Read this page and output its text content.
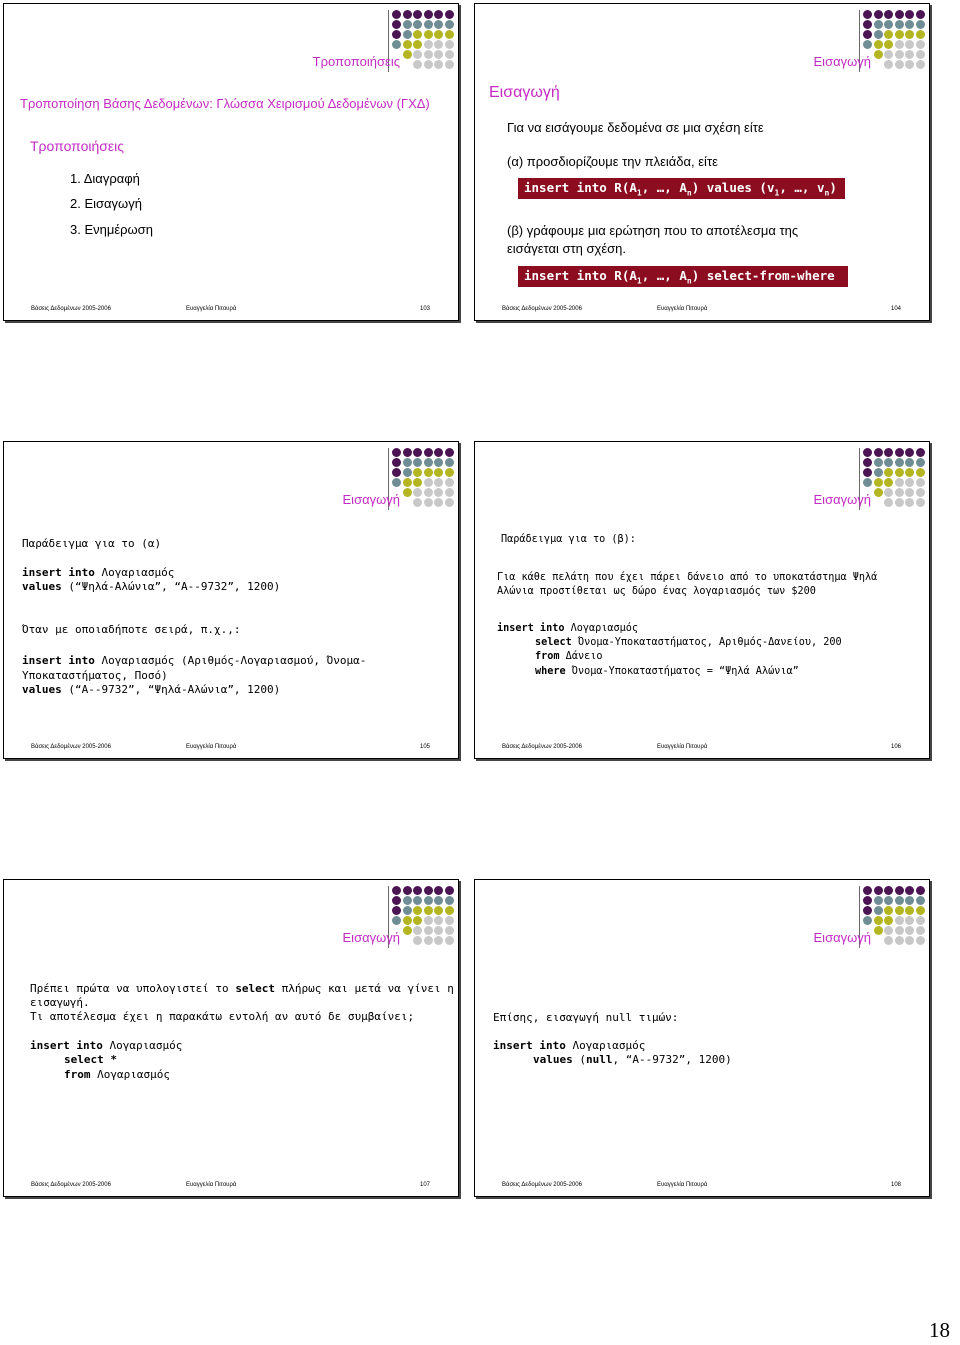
Τροποποιήσεις
Τροποποίηση Βάσης Δεδομένων: Γλώσσα Χειρισμού Δεδομένων (ΓΧΔ)
Τροποποιήσεις
1. Διαγραφή
2. Εισαγωγή
3. Ενημέρωση
Βάσεις Δεδομένων 2005-2006	Ευαγγελία Πιτουρά	103
Εισαγωγή
Εισαγωγή
Για να εισάγουμε δεδομένα σε μια σχέση είτε
(α) προσδιορίζουμε την πλειάδα, είτε
insert into $R(A_1$, …, $A_n$) values ($v_1$, …, $v_n$)
(β) γράφουμε μια ερώτηση που το αποτέλεσμα της
εισάγεται στη σχέση.
insert into $R(A_1$, …, $A_n$) select-from-where
Βάσεις Δεδομένων 2005-2006	Ευαγγελία Πιτουρά	104
Εισαγωγή
Παράδειγμα για το (α)
insert into Λογαριασμός
values (“Ψηλά-Αλώνια”, “A--9732”, 1200)
Όταν με οποιαδήποτε σειρά, π.χ.,:
insert into Λογαριασμός (Αριθμός-Λογαριασμού, Όνομα-
Υποκαταστήματος, Ποσό)
values (“A--9732”, “Ψηλά-Αλώνια”, 1200)
Βάσεις Δεδομένων 2005-2006	Ευαγγελία Πιτουρά	105
Εισαγωγή
Παράδειγμα για το (β):
Για κάθε πελάτη που έχει πάρει δάνειο από το υποκατάστημα Ψηλά
Αλώνια προστίθεται ως δώρο ένας λογαριασμός των $200
insert into Λογαριασμός
select Όνομα-Υποκαταστήματος, Αριθμός-Δανείου, 200
from Δάνειο
where Όνομα-Υποκαταστήματος = “Ψηλά Αλώνια”
Βάσεις Δεδομένων 2005-2006	Ευαγγελία Πιτουρά	106
Εισαγωγή
Πρέπει πρώτα να υπολογιστεί το select πλήρως και μετά να γίνει η
εισαγωγή.
Τι αποτέλεσμα έχει η παρακάτω εντολή αν αυτό δε συμβαίνει;
insert into Λογαριασμός
select *
from Λογαριασμός
Βάσεις Δεδομένων 2005-2006	Ευαγγελία Πιτουρά	107
Εισαγωγή
Επίσης, εισαγωγή null τιμών:
insert into Λογαριασμός
values (null, “A--9732”, 1200)
Βάσεις Δεδομένων 2005-2006	Ευαγγελία Πιτουρά	108
18
